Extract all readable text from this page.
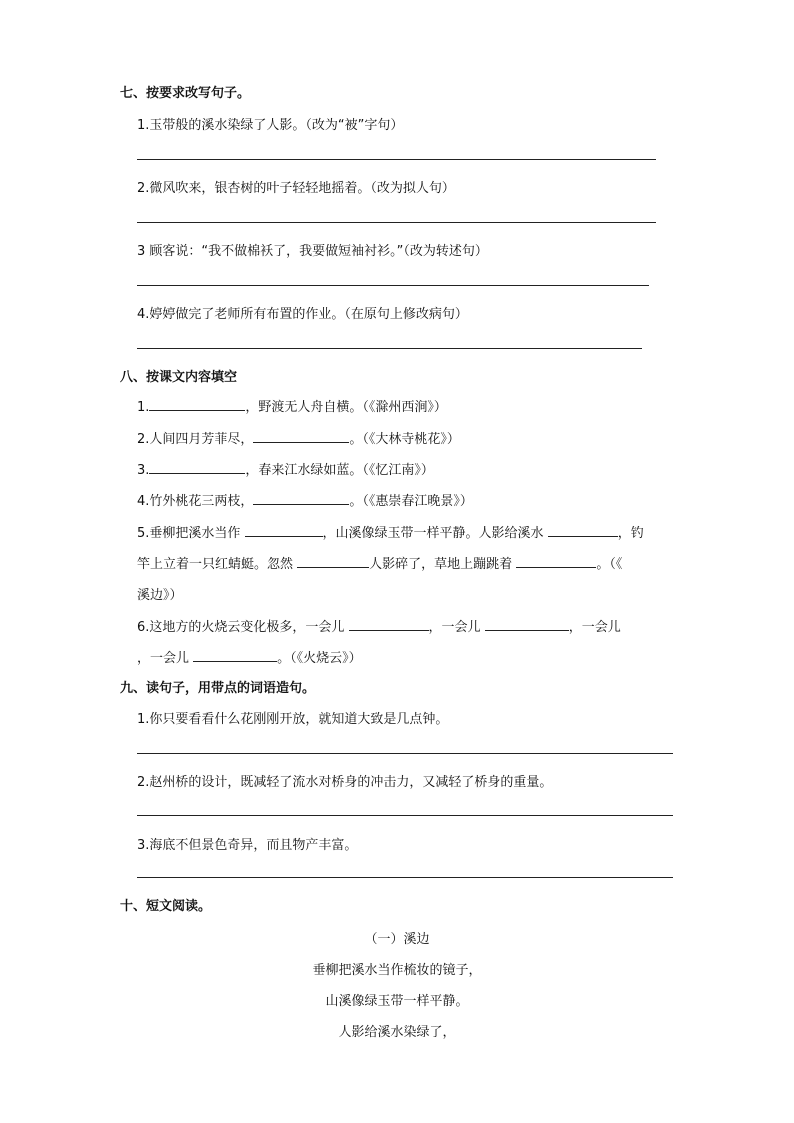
七、按要求改写句子。
1.玉带般的溪水染绿了人影。（改为“被”字句）
2.微风吹来，银杏树的叶子轻轻地摇着。（改为拟人句）
3 顾客说：“我不做棉袄了，我要做短袖衬衫。”（改为转述句）
4.婷婷做完了老师所有布置的作业。（在原句上修改病句）
八、按课文内容填空
1.	，野渡无人舟自横。（《滁州西涧》）
2.人间四月芳菲尽，	。（《大林寺桃花》）
3.	，春来江水绿如蓝。（《忆江南》）
4.竹外桃花三两枝，	。（《惠崇春江晚景》）
5.垂柳把溪水当作	，山溪像绿玉带一样平静。人影给溪水	，钓
竿上立着一只红蜻蜓。忽然	人影碎了，草地上蹦跳着	。（《
溪边》）
6.这地方的火烧云变化极多，一会儿	，一会儿	，一会儿
，一会儿	。（《火烧云》）
九、读句子，用带点的词语造句。
1.你只要看看什么花刚刚开放，就知道大致是几点钟。
2.赵州桥的设计，既减轻了流水对桥身的冲击力，又减轻了桥身的重量。
3.海底不但景色奇异，而且物产丰富。
十、短文阅读。
（一）溪边
垂柳把溪水当作梳妆的镜子，
山溪像绿玉带一样平静。
人影给溪水染绿了，
